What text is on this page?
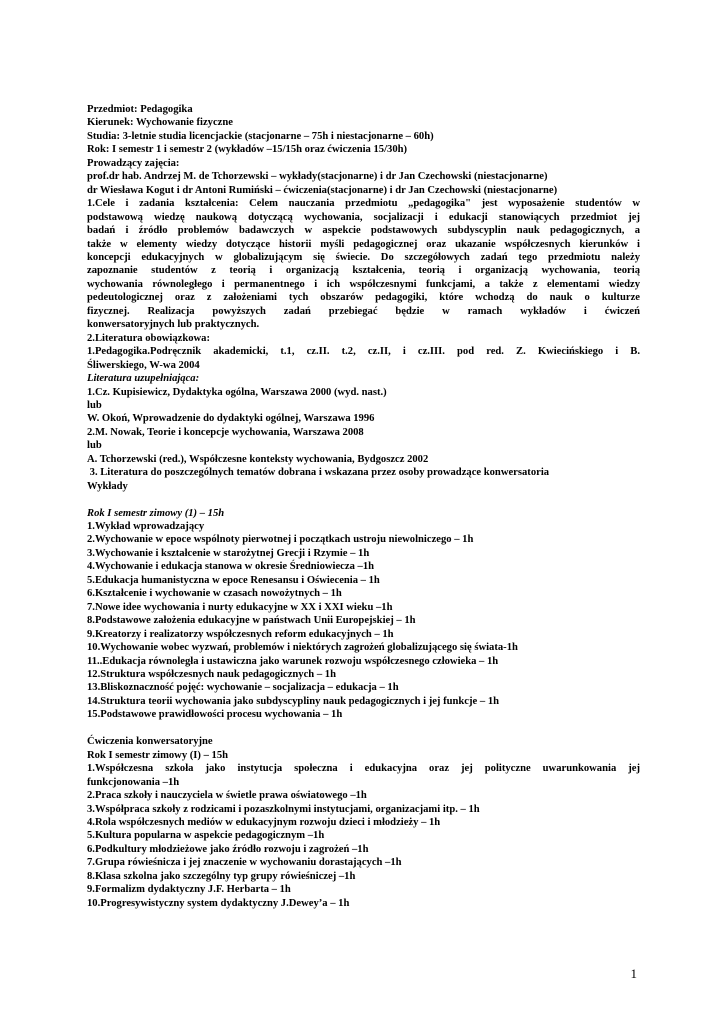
Przedmiot: Pedagogika
Kierunek: Wychowanie fizyczne
Studia: 3-letnie studia licencjackie (stacjonarne – 75h i niestacjonarne – 60h)
Rok: I semestr 1 i semestr 2 (wykładów –15/15h oraz ćwiczenia 15/30h)
Prowadzący zajęcia:
prof.dr hab. Andrzej M. de Tchorzewski – wykłady(stacjonarne) i dr Jan Czechowski (niestacjonarne)
dr Wiesława Kogut i dr Antoni Rumiński – ćwiczenia(stacjonarne) i dr Jan Czechowski (niestacjonarne)
1.Cele i zadania kształcenia: Celem nauczania przedmiotu „pedagogika" jest wyposażenie studentów w
podstawową wiedzę naukową dotyczącą wychowania, socjalizacji i edukacji stanowiących przedmiot jej
badań i źródło problemów badawczych w aspekcie podstawowych subdyscyplin nauk pedagogicznych, a
także w elementy wiedzy dotyczące historii myśli pedagogicznej oraz ukazanie współczesnych kierunków i
koncepcji edukacyjnych w globalizującym się świecie. Do szczegółowych zadań tego przedmiotu należy
zapoznanie studentów z teorią i organizacją kształcenia, teorią i organizacją wychowania, teorią
wychowania równoległego i permanentnego i ich współczesnymi funkcjami, a także z elementami wiedzy
pedeutologicznej oraz z założeniami tych obszarów pedagogiki, które wchodzą do nauk o kulturze
fizycznej. Realizacja powyższych zadań przebiegać będzie w ramach wykładów i ćwiczeń
konwersatoryjnych lub praktycznych.
2.Literatura obowiązkowa:
1.Pedagogika.Podręcznik akademicki, t.1, cz.II. t.2, cz.II, i cz.III. pod red. Z. Kwiecińskiego i B.
Śliwerskiego, W-wa 2004
Literatura uzupełniająca:
1.Cz. Kupisiewicz, Dydaktyka ogólna, Warszawa 2000 (wyd. nast.)
lub
W. Okoń, Wprowadzenie do dydaktyki ogólnej, Warszawa 1996
2.M. Nowak, Teorie i koncepcje wychowania, Warszawa 2008
lub
A. Tchorzewski (red.), Współczesne konteksty wychowania, Bydgoszcz 2002
3. Literatura do poszczególnych tematów dobrana i wskazana przez osoby prowadzące konwersatoria
Wykłady
Rok I semestr zimowy (1) – 15h
1.Wykład wprowadzający
2.Wychowanie w epoce wspólnoty pierwotnej i początkach ustroju niewolniczego – 1h
3.Wychowanie i kształcenie w starożytnej Grecji i Rzymie – 1h
4.Wychowanie i edukacja stanowa w okresie Średniowiecza –1h
5.Edukacja humanistyczna w epoce Renesansu i Oświecenia – 1h
6.Kształcenie i wychowanie w czasach nowożytnych – 1h
7.Nowe idee wychowania i nurty edukacyjne w XX i XXI wieku –1h
8.Podstawowe założenia edukacyjne w państwach Unii Europejskiej – 1h
9.Kreatorzy i realizatorzy współczesnych reform edukacyjnych – 1h
10.Wychowanie wobec wyzwań, problemów i niektórych zagrożeń globalizującego się świata-1h
11..Edukacja równoległa i ustawiczna jako warunek rozwoju współczesnego człowieka – 1h
12.Struktura współczesnych nauk pedagogicznych – 1h
13.Bliskoznaczność pojęć: wychowanie – socjalizacja – edukacja – 1h
14.Struktura teorii wychowania jako subdyscypliny nauk pedagogicznych i jej funkcje – 1h
15.Podstawowe prawidłowości procesu wychowania – 1h
Ćwiczenia konwersatoryjne
Rok I semestr zimowy (I) – 15h
1.Współczesna szkoła jako instytucja społeczna i edukacyjna oraz jej polityczne uwarunkowania jej
funkcjonowania –1h
2.Praca szkoły i nauczyciela w świetle prawa oświatowego –1h
3.Współpraca szkoły z rodzicami i pozaszkolnymi instytucjami, organizacjami itp. – 1h
4.Rola współczesnych mediów w edukacyjnym rozwoju dzieci i młodzieży – 1h
5.Kultura popularna w aspekcie pedagogicznym –1h
6.Podkultury młodzieżowe jako źródło rozwoju i zagrożeń –1h
7.Grupa rówieśnicza i jej znaczenie w wychowaniu dorastających –1h
8.Klasa szkolna jako szczególny typ grupy rówieśniczej –1h
9.Formalizm dydaktyczny J.F. Herbarta – 1h
10.Progresywistyczny system dydaktyczny J.Dewey’a – 1h
1
